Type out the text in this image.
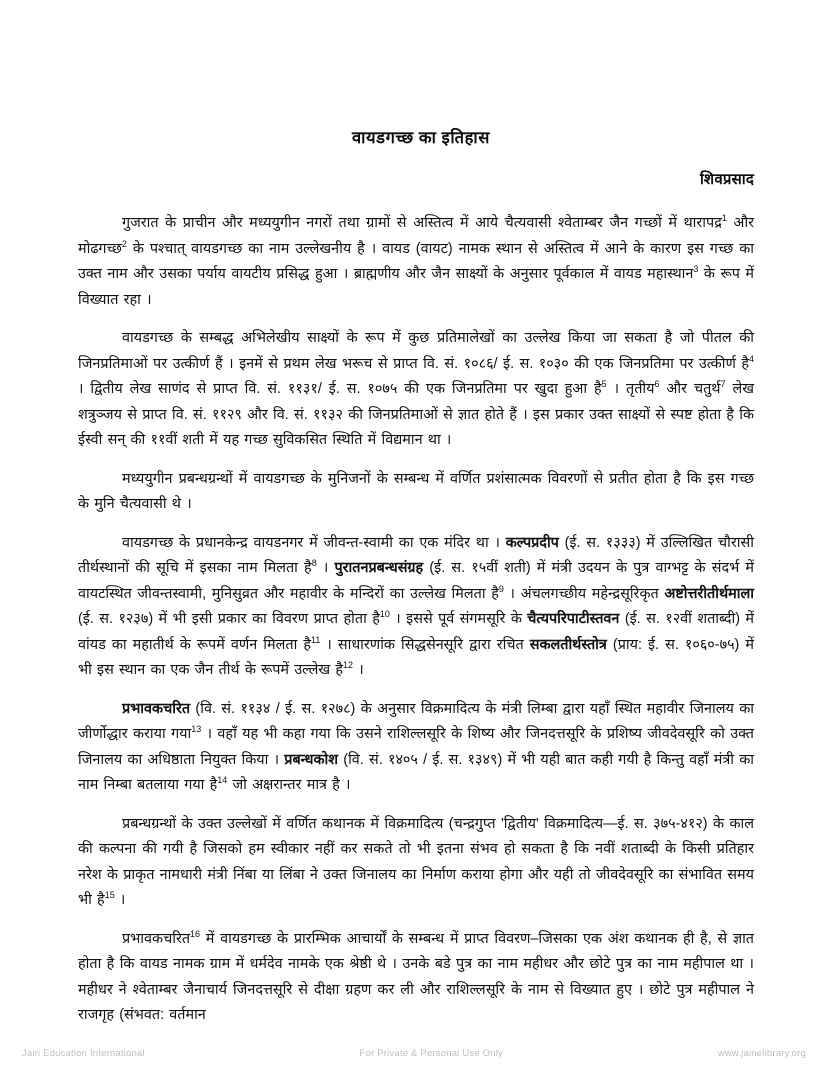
वायडगच्छ का इतिहास
शिवप्रसाद

गुजरात के प्राचीन और मध्ययुगीन नगरों तथा ग्रामों से अस्तित्व में आये चैत्यवासी श्वेताम्बर जैन गच्छों में थारापद्र$^1$ और मोढगच्छ$^2$ के पश्चात् वायडगच्छ का नाम उल्लेखनीय है । वायड (वायट) नामक स्थान से अस्तित्व में आने के कारण इस गच्छ का उक्त नाम और उसका पर्याय वायटीय प्रसिद्ध हुआ । ब्राह्मणीय और जैन साक्ष्यों के अनुसार पूर्वकाल में वायड महास्थान$^3$ के रूप में विख्यात रहा ।

वायडगच्छ के सम्बद्ध अभिलेखीय साक्ष्यों के रूप में कुछ प्रतिमालेखों का उल्लेख किया जा सकता है जो पीतल की जिनप्रतिमाओं पर उत्कीर्ण हैं । इनमें से प्रथम लेख भरूच से प्राप्त वि. सं. १०८६/ ई. स. १०३० की एक जिनप्रतिमा पर उत्कीर्ण है$^4$ । द्वितीय लेख साणंद से प्राप्त वि. सं. ११३१/ ई. स. १०७५ की एक जिनप्रतिमा पर खुदा हुआ है$^5$ । तृतीय$^6$ और चतुर्थ$^7$ लेख शत्रुञ्जय से प्राप्त वि. सं. ११२९ और वि. सं. ११३२ की जिनप्रतिमाओं से ज्ञात होते हैं । इस प्रकार उक्त साक्ष्यों से स्पष्ट होता है कि ईस्वी सन् की ११वीं शती में यह गच्छ सुविकसित स्थिति में विद्यमान था ।

मध्ययुगीन प्रबन्धग्रन्थों में वायडगच्छ के मुनिजनों के सम्बन्ध में वर्णित प्रशंसात्मक विवरणों से प्रतीत होता है कि इस गच्छ के मुनि चैत्यवासी थे ।

वायडगच्छ के प्रधानकेन्द्र वायडनगर में जीवन्त-स्वामी का एक मंदिर था । कल्पप्रदीप (ई. स. १३३३) में उल्लिखित चौरासी तीर्थस्थानों की सूचि में इसका नाम मिलता है$^8$ । पुरातनप्रबन्धसंग्रह (ई. स. १५वीं शती) में मंत्री उदयन के पुत्र वाग्भट्ट के संदर्भ में वायटस्थित जीवन्तस्वामी, मुनिसुव्रत और महावीर के मन्दिरों का उल्लेख मिलता है$^9$ । अंचलगच्छीय महेन्द्रसूरिकृत अष्टोत्तरीतीर्थमाला (ई. स. १२३७) में भी इसी प्रकार का विवरण प्राप्त होता है$^{10}$ । इससे पूर्व संगमसूरि के चैत्यपरिपाटीस्तवन (ई. स. १२वीं शताब्दी) में वांयड का महातीर्थ के रूपमें वर्णन मिलता है$^{11}$ । साधारणांक सिद्धसेनसूरि द्वारा रचित सकलतीर्थस्तोत्र (प्राय: ई. स. १०६०-७५) में भी इस स्थान का एक जैन तीर्थ के रूपमें उल्लेख है$^{12}$ ।

प्रभावकचरित (वि. सं. ११३४ / ई. स. १२७८) के अनुसार विक्रमादित्य के मंत्री लिम्बा द्वारा यहाँ स्थित महावीर जिनालय का जीर्णोद्धार कराया गया$^{13}$ । वहाँ यह भी कहा गया कि उसने राशिल्लसूरि के शिष्य और जिनदत्तसूरि के प्रशिष्य जीवदेवसूरि को उक्त जिनालय का अधिष्ठाता नियुक्त किया । प्रबन्धकोश (वि. सं. १४०५ / ई. स. १३४९) में भी यही बात कही गयी है किन्तु वहाँ मंत्री का नाम निम्बा बतलाया गया है$^{14}$ जो अक्षरान्तर मात्र है ।

प्रबन्धग्रन्थों के उक्त उल्लेखों में वर्णित कथानक में विक्रमादित्य (चन्द्रगुप्त 'द्वितीय' विक्रमादित्य—ई. स. ३७५-४१२) के काल की कल्पना की गयी है जिसको हम स्वीकार नहीं कर सकते तो भी इतना संभव हो सकता है कि नवीं शताब्दी के किसी प्रतिहार नरेश के प्राकृत नामधारी मंत्री निंबा या लिंबा ने उक्त जिनालय का निर्माण कराया होगा और यही तो जीवदेवसूरि का संभावित समय भी है$^{15}$ ।

प्रभावकचरित$^{16}$ में वायडगच्छ के प्रारम्भिक आचार्यों के सम्बन्ध में प्राप्त विवरण–जिसका एक अंश कथानक ही है, से ज्ञात होता है कि वायड नामक ग्राम में धर्मदेव नामके एक श्रेष्ठी थे । उनके बडे पुत्र का नाम महीधर और छोटे पुत्र का नाम महीपाल था । महीधर ने श्वेताम्बर जैनाचार्य जिनदत्तसूरि से दीक्षा ग्रहण कर ली और राशिल्लसूरि के नाम से विख्यात हुए । छोटे पुत्र महीपाल ने राजगृह (संभवत: वर्तमान

Jain Education International	For Private & Personal Use Only	www.jainelibrary.org
